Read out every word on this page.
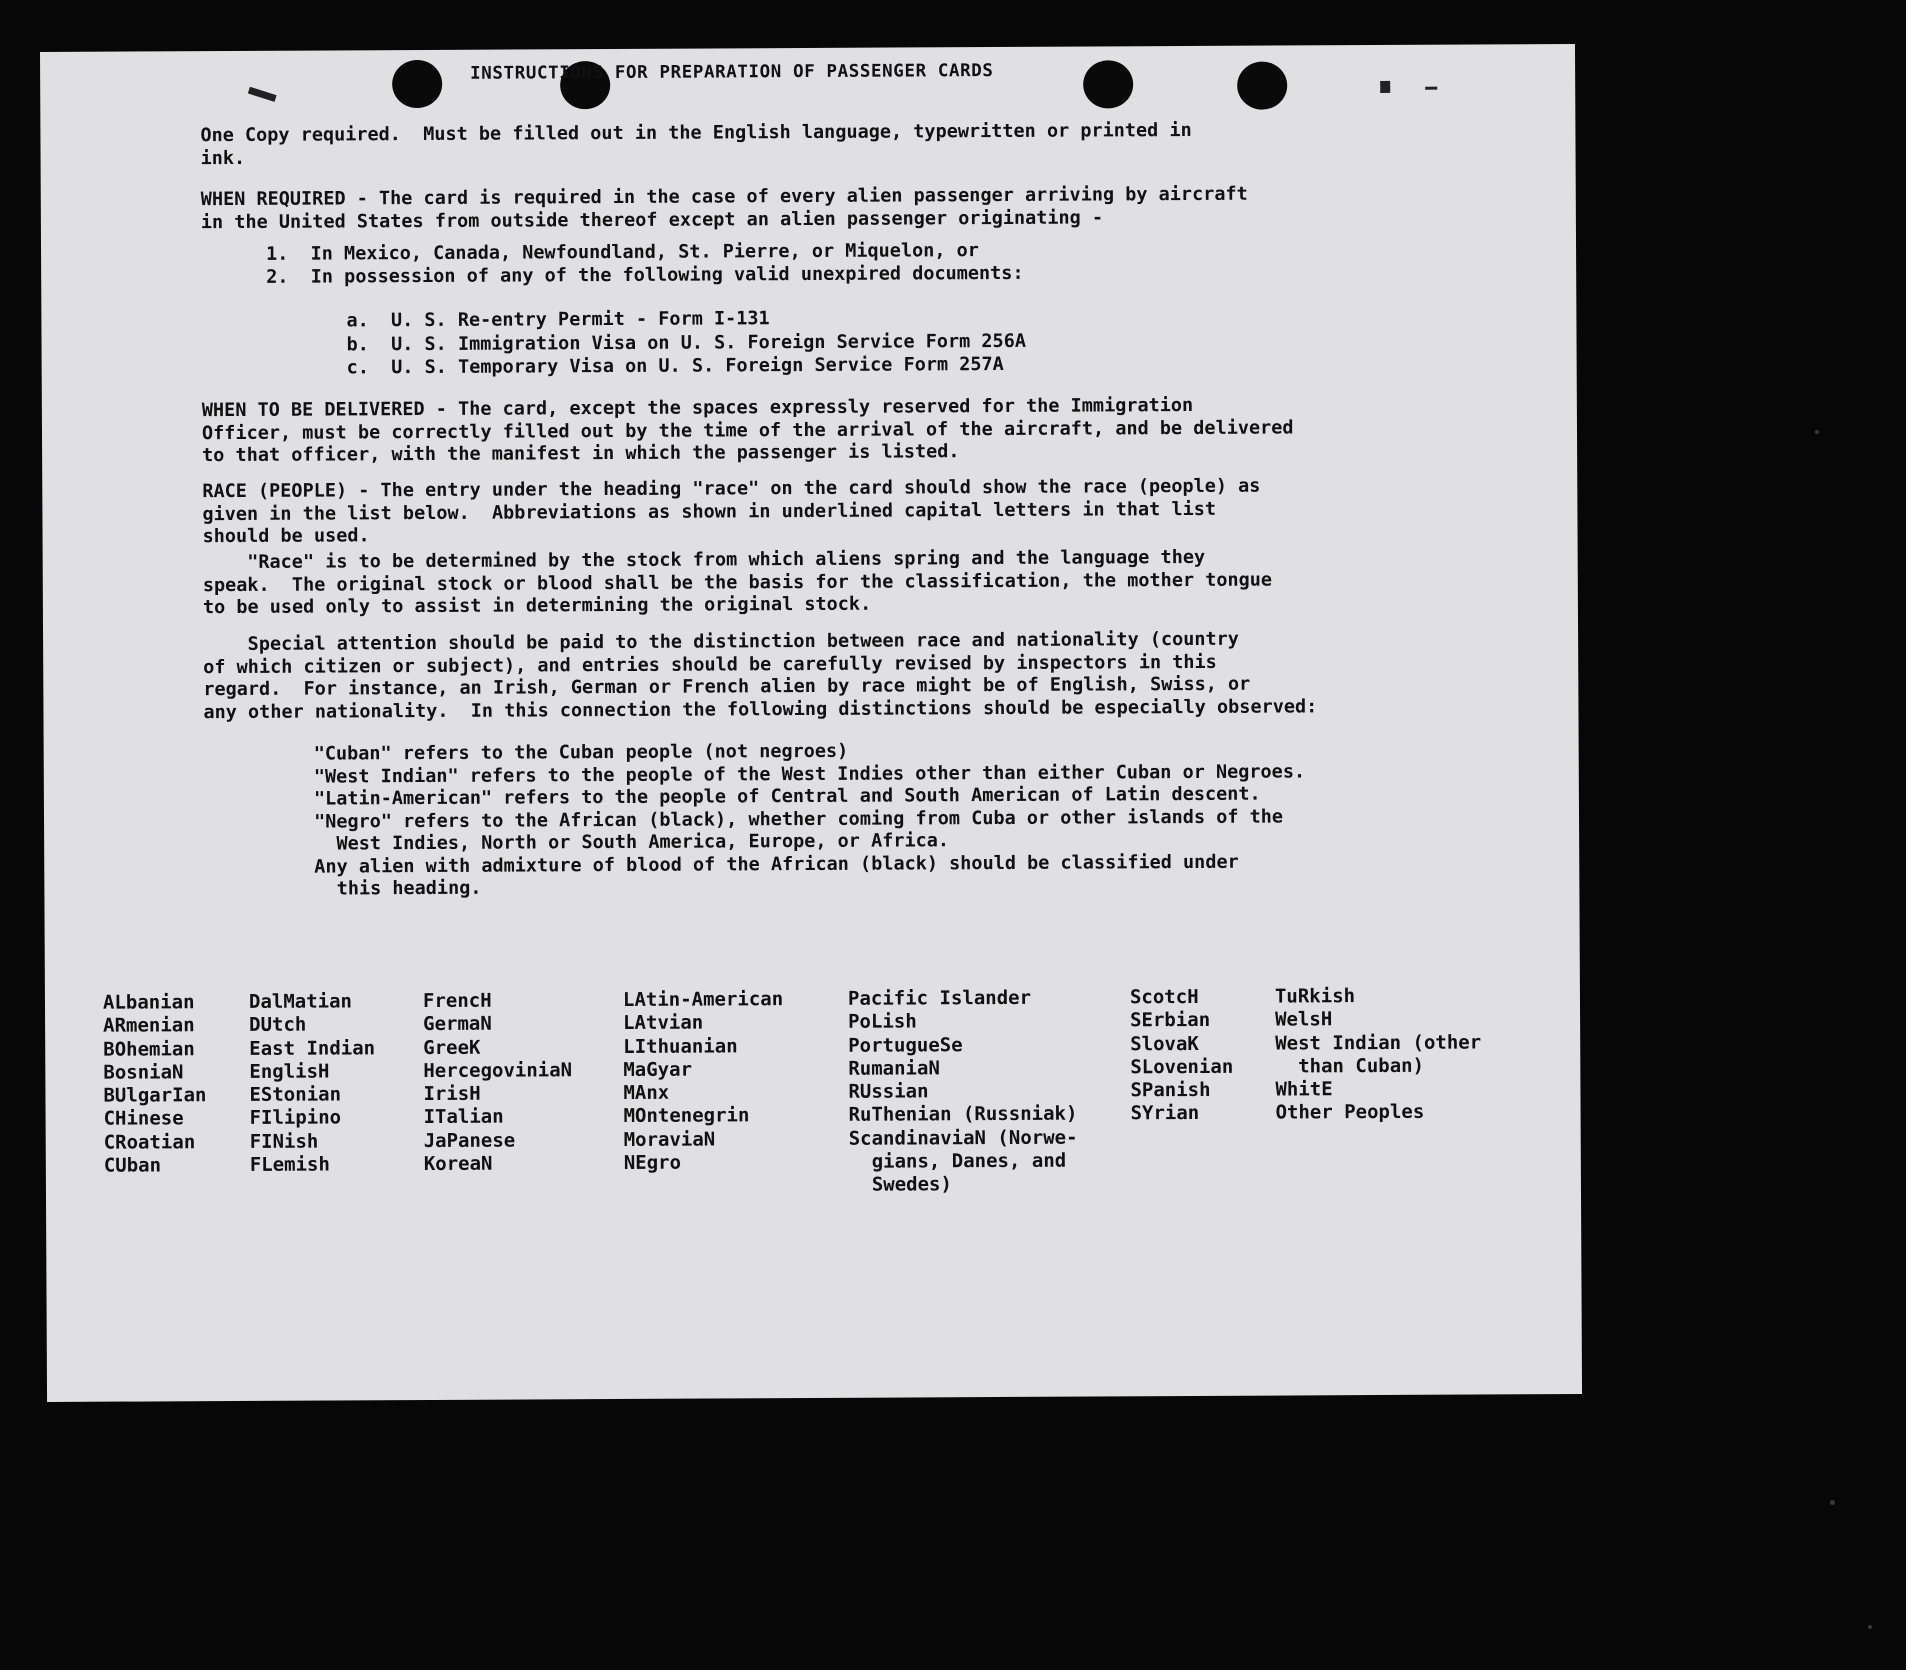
INSTRUCTIONS FOR PREPARATION OF PASSENGER CARDS
One Copy required.  Must be filled out in the English language, typewritten or printed in
ink.
WHEN REQUIRED - The card is required in the case of every alien passenger arriving by aircraft
in the United States from outside thereof except an alien passenger originating -
1.  In Mexico, Canada, Newfoundland, St. Pierre, or Miquelon, or
2.  In possession of any of the following valid unexpired documents:
a.  U. S. Re-entry Permit - Form I-131
b.  U. S. Immigration Visa on U. S. Foreign Service Form 256A
c.  U. S. Temporary Visa on U. S. Foreign Service Form 257A
WHEN TO BE DELIVERED - The card, except the spaces expressly reserved for the Immigration
Officer, must be correctly filled out by the time of the arrival of the aircraft, and be delivered
to that officer, with the manifest in which the passenger is listed.
RACE (PEOPLE) - The entry under the heading "race" on the card should show the race (people) as
given in the list below.  Abbreviations as shown in underlined capital letters in that list
should be used.
"Race" is to be determined by the stock from which aliens spring and the language they
speak.  The original stock or blood shall be the basis for the classification, the mother tongue
to be used only to assist in determining the original stock.
Special attention should be paid to the distinction between race and nationality (country
of which citizen or subject), and entries should be carefully revised by inspectors in this
regard.  For instance, an Irish, German or French alien by race might be of English, Swiss, or
any other nationality.  In this connection the following distinctions should be especially observed:
"Cuban" refers to the Cuban people (not negroes)
"West Indian" refers to the people of the West Indies other than either Cuban or Negroes.
"Latin-American" refers to the people of Central and South American of Latin descent.
"Negro" refers to the African (black), whether coming from Cuba or other islands of the
West Indies, North or South America, Europe, or Africa.
Any alien with admixture of blood of the African (black) should be classified under
this heading.
ALbanian
ARmenian
BOhemian
BosniaN
BUlgarIan
CHinese
CRoatian
CUban
DalMatian
DUtch
East Indian
EnglisH
EStonian
FIlipino
FINish
FLemish
FrencH
GermaN
GreeK
HercegoviniaN
IrisH
ITalian
JaPanese
KoreaN
LAtin-American
LAtvian
LIthuanian
MaGyar
MAnx
MOntenegrin
MoraviaN
NEgro
Pacific Islander
PoLish
PortugueSe
RumaniaN
RUssian
RuThenian (Russniak)
ScandinaviaN (Norwe-
gians, Danes, and
Swedes)
ScotcH
SErbian
SlovaK
SLovenian
SPanish
SYrian
TuRkish
WelsH
West Indian (other
than Cuban)
WhitE
Other Peoples
